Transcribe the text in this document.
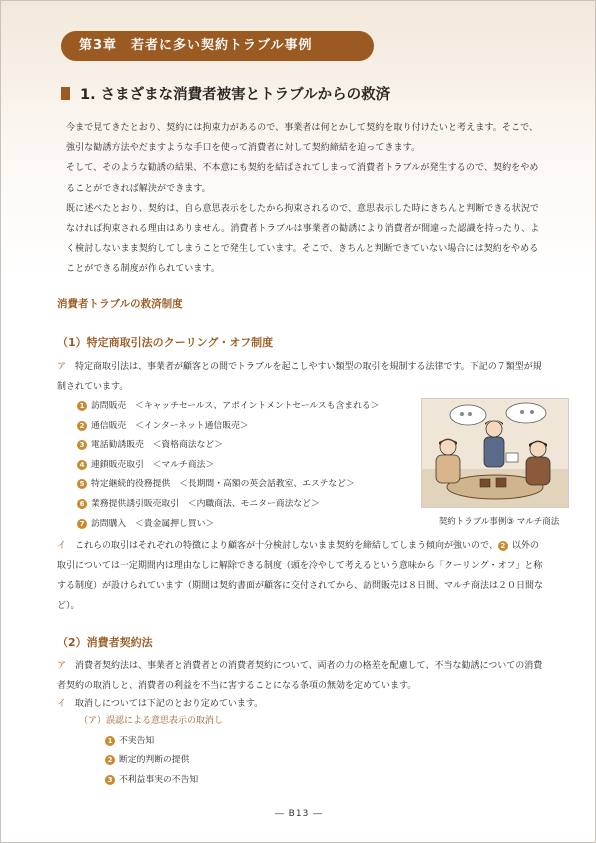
第3章　若者に多い契約トラブル事例
1. さまざまな消費者被害とトラブルからの救済

今まで見てきたとおり、契約には拘束力があるので、事業者は何とかして契約を取り付けたいと考えます。そこで、強引な勧誘方法やだますような手口を使って消費者に対して契約締結を迫ってきます。

そして、そのような勧誘の結果、不本意にも契約を結ばされてしまって消費者トラブルが発生するので、契約をやめることができれば解決ができます。

既に述べたとおり、契約は、自ら意思表示をしたから拘束されるので、意思表示した時にきちんと判断できる状況でなければ拘束される理由はありません。消費者トラブルは事業者の勧誘により消費者が間違った認識を持ったり、よく検討しないまま契約してしまうことで発生しています。そこで、きちんと判断できていない場合には契約をやめることができる制度が作られています。

消費者トラブルの救済制度
（1）特定商取引法のクーリング・オフ制度

ア 特定商取引法は、事業者が顧客との間でトラブルを起こしやすい類型の取引を規制する法律です。下記の７類型が規制されています。

1 訪問販売　 ＜キャッチセールス、アポイントメントセールスも含まれる＞
2 通信販売　 ＜インターネット通信販売＞
3 電話勧誘販売　 ＜資格商法など＞
4 連鎖販売取引　 ＜マルチ商法＞
5 特定継続的役務提供　 ＜長期間・高額の英会話教室、エステなど＞
6 業務提供誘引販売取引　 ＜内職商法、モニター商法など＞
7 訪問購入　 ＜貴金属押し買い＞	契約トラブル事例③ マルチ商法

イ これらの取引はそれぞれの特徴により顧客が十分検討しないまま契約を締結してしまう傾向が強いので、 2 以外の取引については一定期間内は理由なしに解除できる制度（頭を冷やして考えるという意味から「クーリング・オフ」と称する制度）が設けられています（期間は契約書面が顧客に交付されてから、訪問販売は８日間、マルチ商法は２０日間など）。

（2）消費者契約法

ア 消費者契約法は、事業者と消費者との消費者契約について、両者の力の格差を配慮して、不当な勧誘についての消費者契約の取消しと、消費者の利益を不当に害することになる条項の無効を定めています。

イ 取消しについては下記のとおり定めています。

（ア）誤認による意思表示の取消し
1 不実告知
2 断定的判断の提供
3 不利益事実の不告知
― B13 ―
